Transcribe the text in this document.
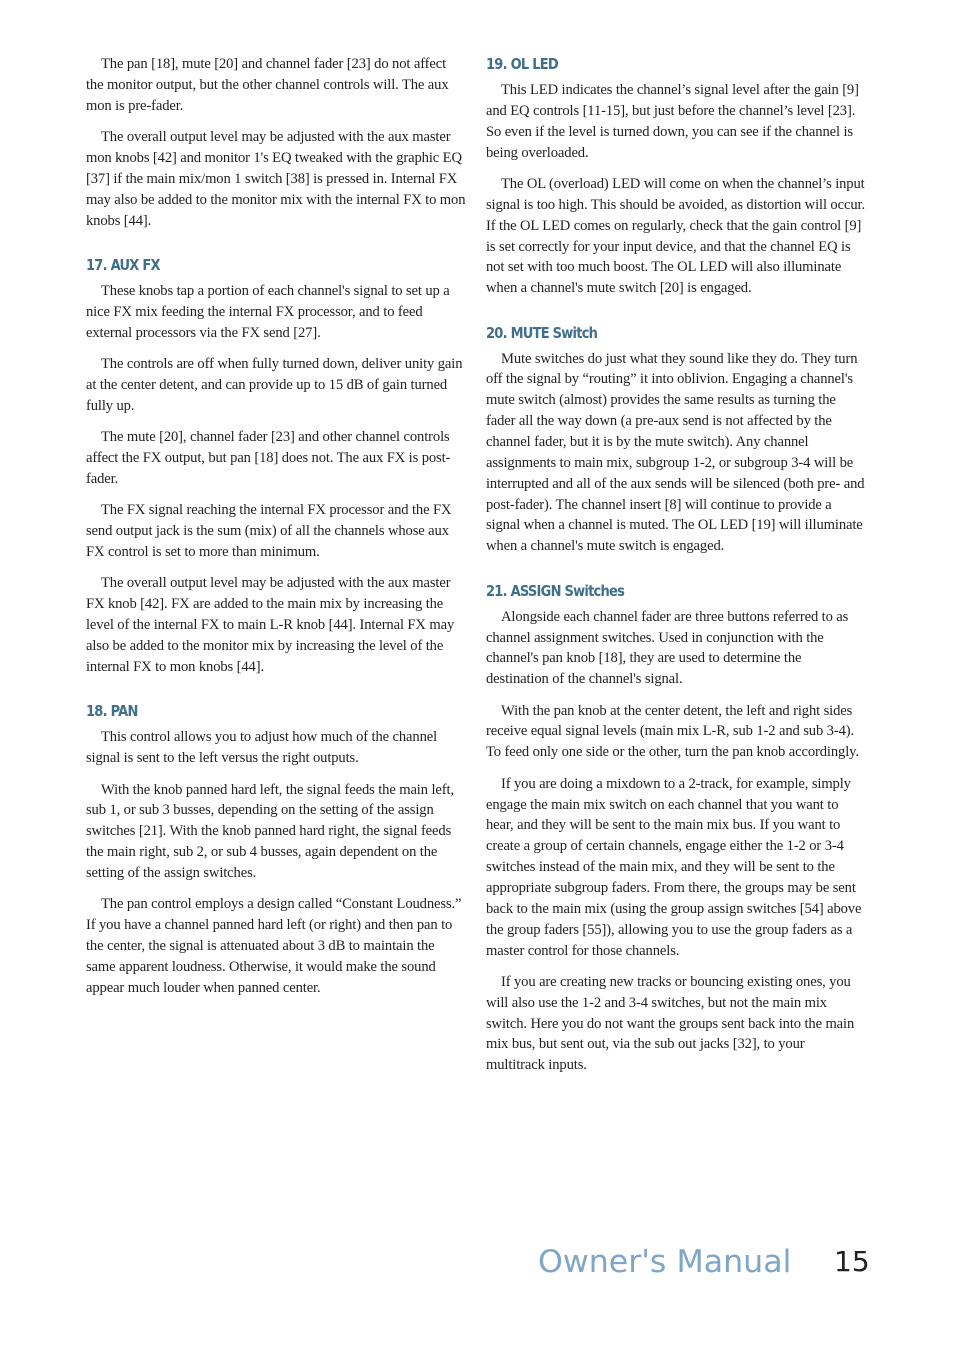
The pan [18], mute [20] and channel fader [23] do not affect the monitor output, but the other channel controls will. The aux mon is pre-fader.

The overall output level may be adjusted with the aux master mon knobs [42] and monitor 1's EQ tweaked with the graphic EQ [37] if the main mix/mon 1 switch [38] is pressed in. Internal FX may also be added to the monitor mix with the internal FX to mon knobs [44].

17. AUX FX

These knobs tap a portion of each channel's signal to set up a nice FX mix feeding the internal FX processor, and to feed external processors via the FX send [27].

The controls are off when fully turned down, deliver unity gain at the center detent, and can provide up to 15 dB of gain turned fully up.

The mute [20], channel fader [23] and other channel controls affect the FX output, but pan [18] does not. The aux FX is post-fader.

The FX signal reaching the internal FX processor and the FX send output jack is the sum (mix) of all the channels whose aux FX control is set to more than minimum.

The overall output level may be adjusted with the aux master FX knob [42]. FX are added to the main mix by increasing the level of the internal FX to main L-R knob [44]. Internal FX may also be added to the monitor mix by increasing the level of the internal FX to mon knobs [44].

18. PAN

This control allows you to adjust how much of the channel signal is sent to the left versus the right outputs.

With the knob panned hard left, the signal feeds the main left, sub 1, or sub 3 busses, depending on the setting of the assign switches [21]. With the knob panned hard right, the signal feeds the main right, sub 2, or sub 4 busses, again dependent on the setting of the assign switches.

The pan control employs a design called “Constant Loudness.” If you have a channel panned hard left (or right) and then pan to the center, the signal is attenuated about 3 dB to maintain the same apparent loudness. Otherwise, it would make the sound appear much louder when panned center.

19. OL LED

This LED indicates the channel’s signal level after the gain [9] and EQ controls [11-15], but just before the channel’s level [23]. So even if the level is turned down, you can see if the channel is being overloaded.

The OL (overload) LED will come on when the channel’s input signal is too high. This should be avoided, as distortion will occur. If the OL LED comes on regularly, check that the gain control [9] is set correctly for your input device, and that the channel EQ is not set with too much boost. The OL LED will also illuminate when a channel's mute switch [20] is engaged.

20. MUTE Switch

Mute switches do just what they sound like they do. They turn off the signal by “routing” it into oblivion. Engaging a channel's mute switch (almost) provides the same results as turning the fader all the way down (a pre-aux send is not affected by the channel fader, but it is by the mute switch). Any channel assignments to main mix, subgroup 1-2, or subgroup 3-4 will be interrupted and all of the aux sends will be silenced (both pre- and post-fader). The channel insert [8] will continue to provide a signal when a channel is muted. The OL LED [19] will illuminate when a channel's mute switch is engaged.

21. ASSIGN Switches

Alongside each channel fader are three buttons referred to as channel assignment switches. Used in conjunction with the channel's pan knob [18], they are used to determine the destination of the channel's signal.

With the pan knob at the center detent, the left and right sides receive equal signal levels (main mix L-R, sub 1-2 and sub 3-4). To feed only one side or the other, turn the pan knob accordingly.

If you are doing a mixdown to a 2-track, for example, simply engage the main mix switch on each channel that you want to hear, and they will be sent to the main mix bus. If you want to create a group of certain channels, engage either the 1-2 or 3-4 switches instead of the main mix, and they will be sent to the appropriate subgroup faders. From there, the groups may be sent back to the main mix (using the group assign switches [54] above the group faders [55]), allowing you to use the group faders as a master control for those channels.

If you are creating new tracks or bouncing existing ones, you will also use the 1-2 and 3-4 switches, but not the main mix switch. Here you do not want the groups sent back into the main mix bus, but sent out, via the sub out jacks [32], to your multitrack inputs.

Owner's Manual 15
